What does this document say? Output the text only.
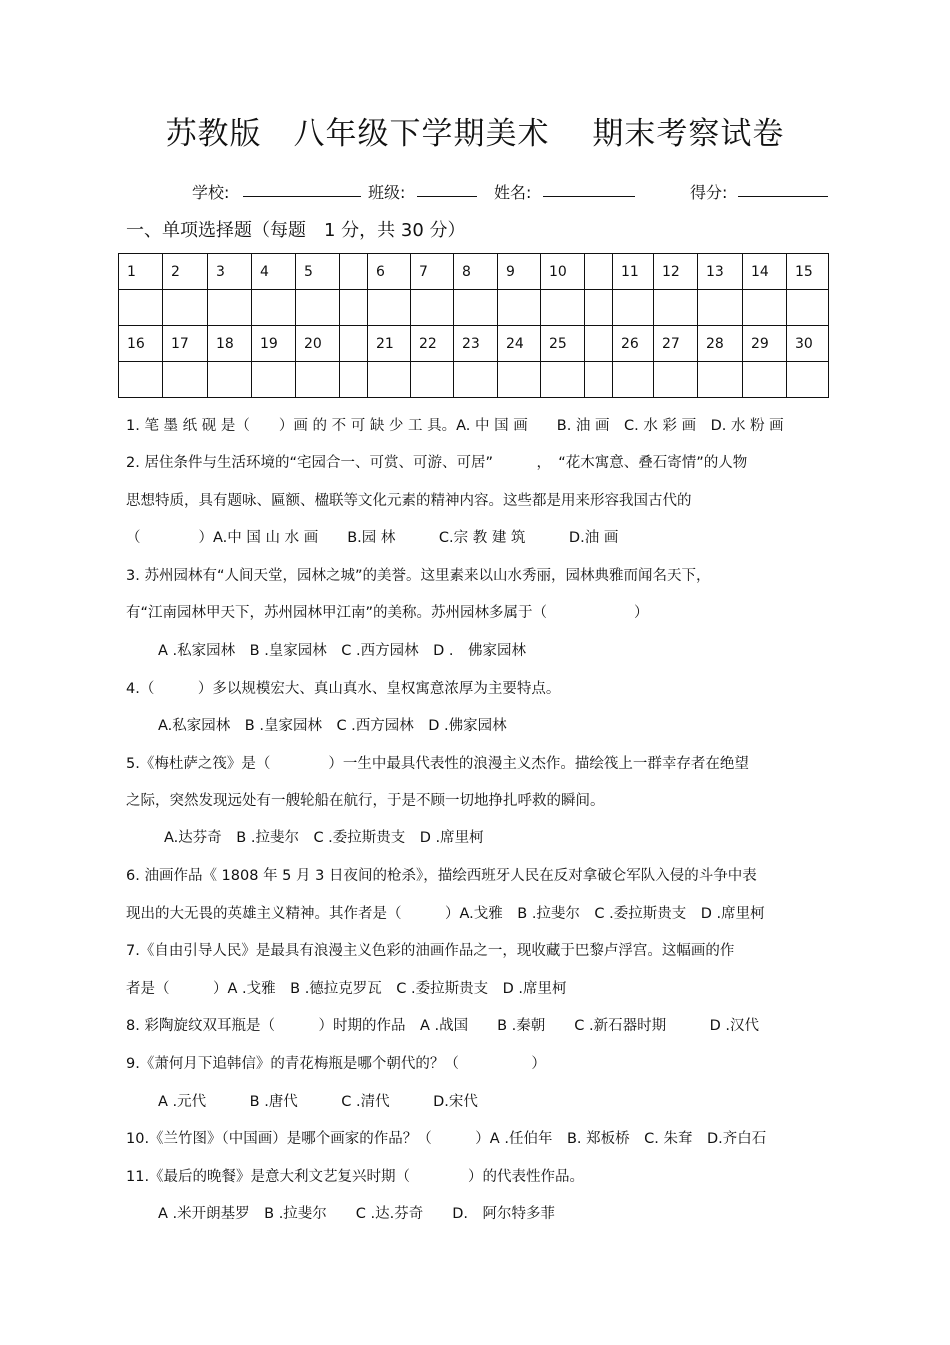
苏教版　八年级下学期美术　 期末考察试卷
学校:	班级:	姓名:	得分:
一、单项选择题（每题　1 分，共 30 分）
1	2	3	4	5		6	7	8	9	10		11	12	13	14	15

16	17	18	19	20		21	22	23	24	25		26	27	28	29	30

1. 笔 墨 纸 砚 是（　　）画 的 不 可 缺 少 工 具。A. 中 国 画　　B. 油 画　C. 水 彩 画　D. 水 粉 画
2. 居住条件与生活环境的“宅园合一、可赏、可游、可居”　　　，　“花木寓意、叠石寄情”的人物
思想特质，具有题咏、匾额、楹联等文化元素的精神内容。这些都是用来形容我国古代的
（　　　　）A.中 国 山 水 画　　B.园 林　　　C.宗 教 建 筑　　　D.油 画
3. 苏州园林有“人间天堂，园林之城”的美誉。这里素来以山水秀丽，园林典雅而闻名天下，
有“江南园林甲天下，苏州园林甲江南”的美称。苏州园林多属于（　　　　　　）
A .私家园林　B .皇家园林　C .西方园林　D .　佛家园林
4.（　　　）多以规模宏大、真山真水、皇权寓意浓厚为主要特点。
A.私家园林　B .皇家园林　C .西方园林　D .佛家园林
5.《梅杜萨之筏》是（　　　　）一生中最具代表性的浪漫主义杰作。描绘筏上一群幸存者在绝望
之际，突然发现远处有一艘轮船在航行，于是不顾一切地挣扎呼救的瞬间。
A.达芬奇　B .拉斐尔　C .委拉斯贵支　D .席里柯
6. 油画作品《 1808 年 5 月 3 日夜间的枪杀》，描绘西班牙人民在反对拿破仑军队入侵的斗争中表
现出的大无畏的英雄主义精神。其作者是（　　　）A.戈雅　B .拉斐尔　C .委拉斯贵支　D .席里柯
7.《自由引导人民》是最具有浪漫主义色彩的油画作品之一，现收藏于巴黎卢浮宫。这幅画的作
者是（　　　）A .戈雅　B .德拉克罗瓦　C .委拉斯贵支　D .席里柯
8. 彩陶旋纹双耳瓶是（　　　）时期的作品　A .战国　　B .秦朝　　C .新石器时期　　　D .汉代
9.《萧何月下追韩信》的青花梅瓶是哪个朝代的？（　　　　　）
A .元代　　　B .唐代　　　C .清代　　　D.宋代
10.《兰竹图》（中国画）是哪个画家的作品？（　　　）A .任伯年　B. 郑板桥　C. 朱耷　D.齐白石
11.《最后的晚餐》是意大利文艺复兴时期（　　　　）的代表性作品。
A .米开朗基罗　B .拉斐尔　　C .达.芬奇　　D.　阿尔特多菲
